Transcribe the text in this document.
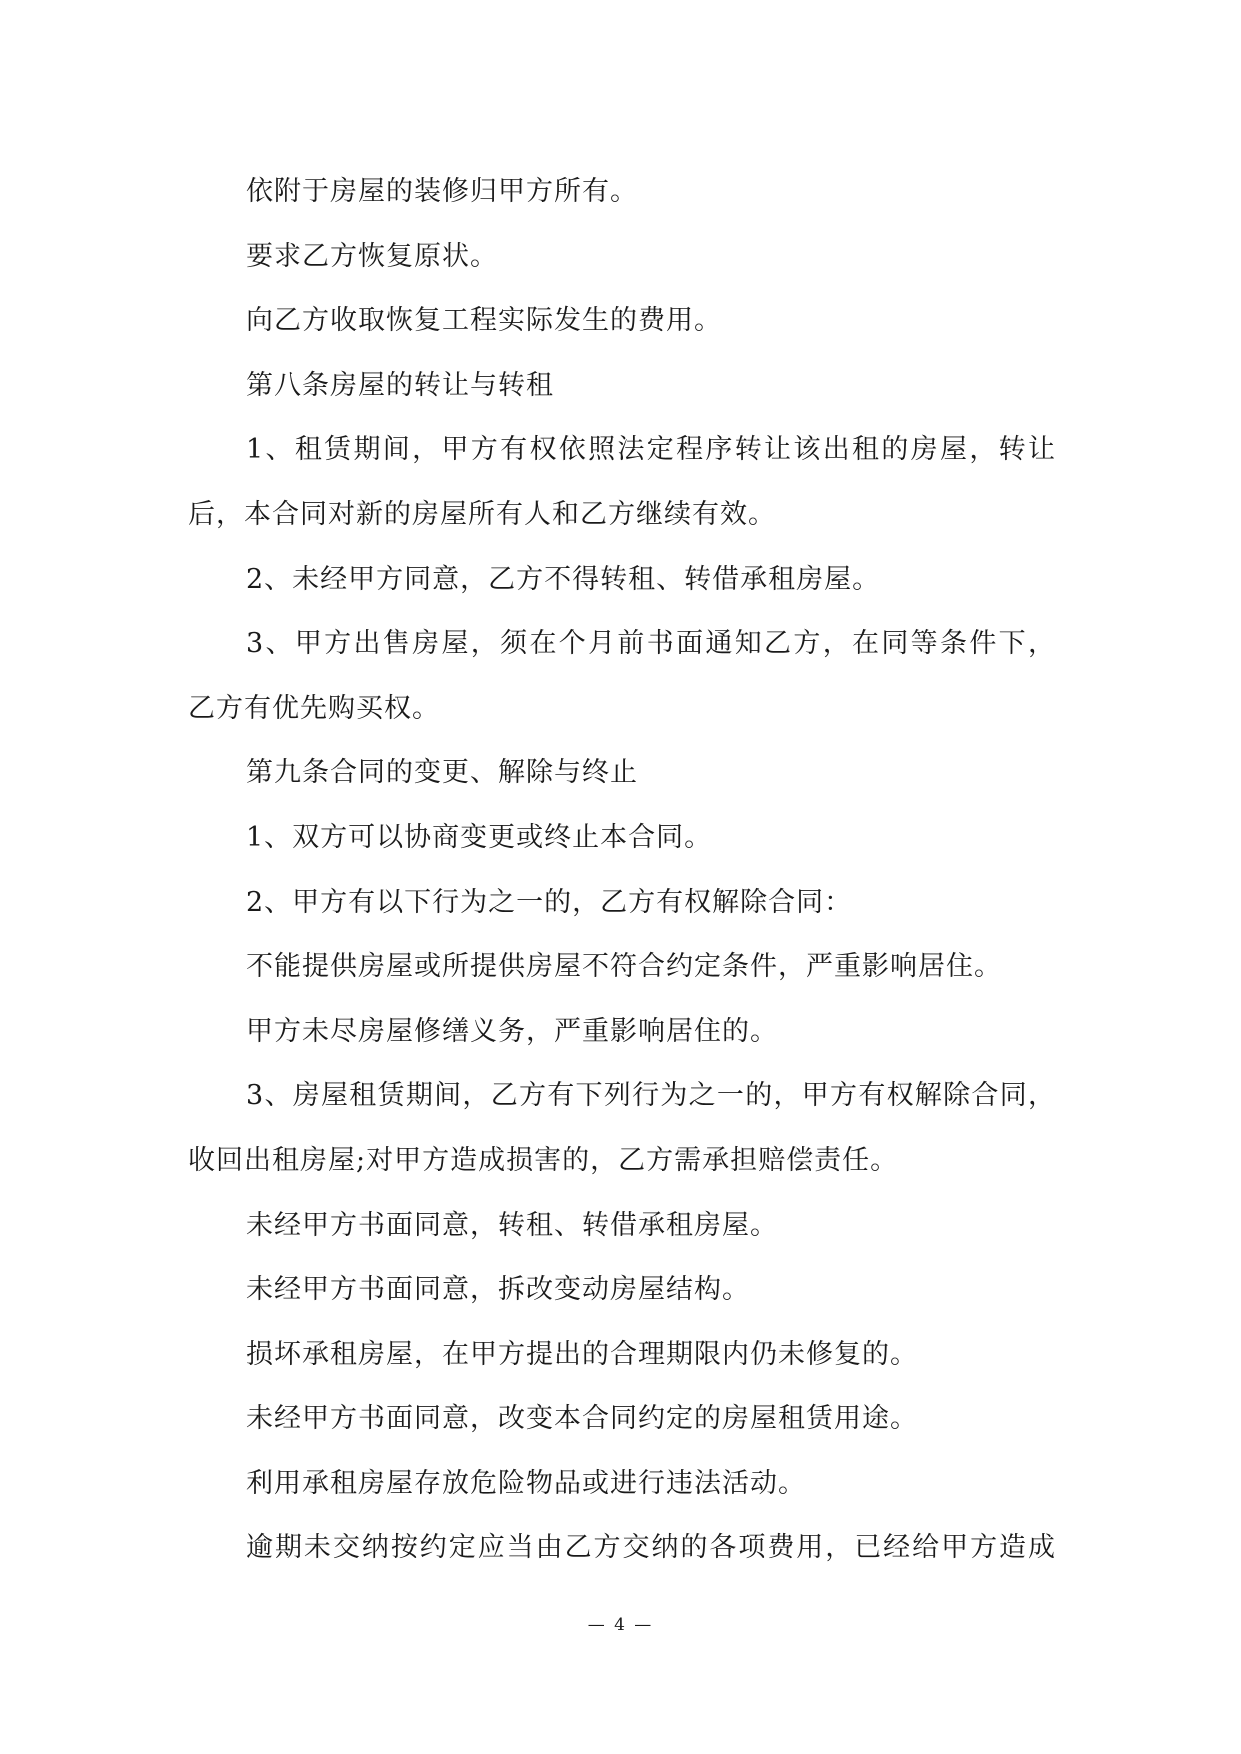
依附于房屋的装修归甲方所有。
要求乙方恢复原状。
向乙方收取恢复工程实际发生的费用。
第八条房屋的转让与转租
1、租赁期间，甲方有权依照法定程序转让该出租的房屋，转让
后，本合同对新的房屋所有人和乙方继续有效。
2、未经甲方同意，乙方不得转租、转借承租房屋。
3、甲方出售房屋，须在个月前书面通知乙方，在同等条件下，
乙方有优先购买权。
第九条合同的变更、解除与终止
1、双方可以协商变更或终止本合同。
2、甲方有以下行为之一的，乙方有权解除合同：
不能提供房屋或所提供房屋不符合约定条件，严重影响居住。
甲方未尽房屋修缮义务，严重影响居住的。
3、房屋租赁期间，乙方有下列行为之一的，甲方有权解除合同，
收回出租房屋;对甲方造成损害的，乙方需承担赔偿责任。
未经甲方书面同意，转租、转借承租房屋。
未经甲方书面同意，拆改变动房屋结构。
损坏承租房屋，在甲方提出的合理期限内仍未修复的。
未经甲方书面同意，改变本合同约定的房屋租赁用途。
利用承租房屋存放危险物品或进行违法活动。
逾期未交纳按约定应当由乙方交纳的各项费用，已经给甲方造成
— 4 —
